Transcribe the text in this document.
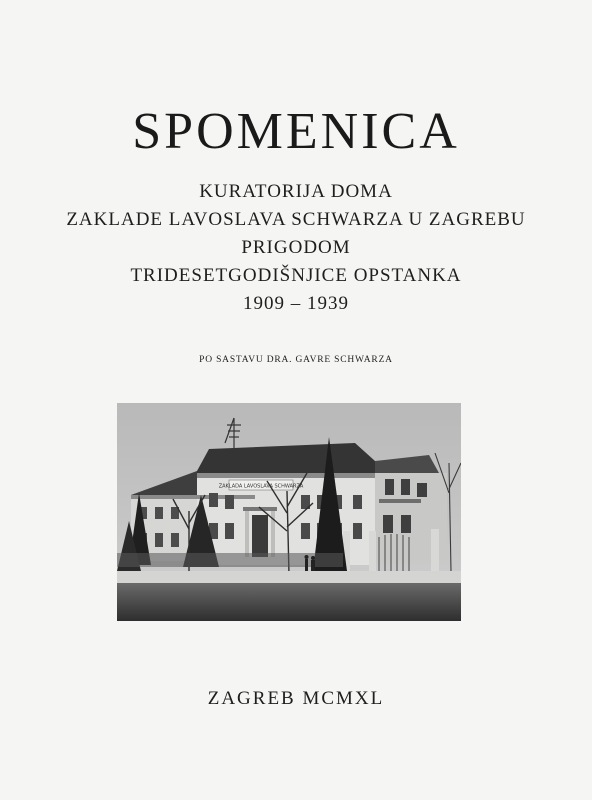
SPOMENICA
KURATORIJA DOMA
ZAKLADE LAVOSLAVA SCHWARZA U ZAGREBU
PRIGODOM
TRIDESETGODIŠNJICE OPSTANKA
1909 – 1939
PO SASTAVU DRA. GAVRE SCHWARZA
ZAKLADA LAVOSLAVA SCHWARZA
ZAGREB MCMXL
